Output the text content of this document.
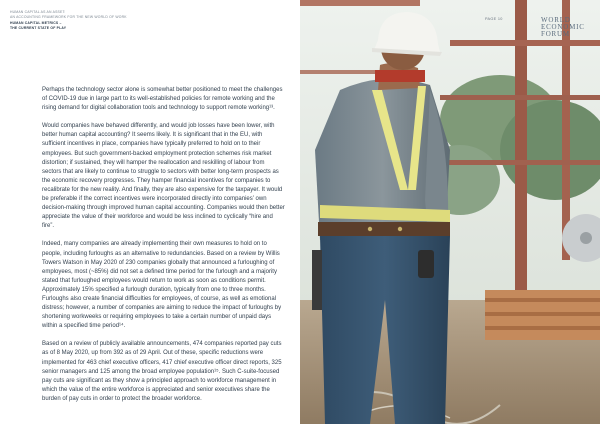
HUMAN CAPITAL AS AN ASSET:
AN ACCOUNTING FRAMEWORK FOR THE NEW WORLD OF WORK
HUMAN CAPITAL METRICS –
THE CURRENT STATE OF PLAY

Perhaps the technology sector alone is somewhat better positioned to meet the challenges of COVID-19 due in large part to its well-established policies for remote working and the rising demand for digital collaboration tools and technology to support remote working¹³.

Would companies have behaved differently, and would job losses have been lower, with better human capital accounting? It seems likely. It is significant that in the EU, with sufficient incentives in place, companies have typically preferred to hold on to their employees. But such government-backed employment protection schemes risk market distortion; if sustained, they will hamper the reallocation and reskilling of labour from sectors that are likely to continue to struggle to sectors with better long-term prospects as the economic recovery progresses. They hamper financial incentives for companies to recalibrate for the new reality. And finally, they are also expensive for the taxpayer. It would be preferable if the correct incentives were incorporated directly into companies’ own decision-making through improved human capital accounting. Companies would then better appreciate the value of their workforce and would be less inclined to cyclically “hire and fire”.

Indeed, many companies are already implementing their own measures to hold on to people, including furloughs as an alternative to redundancies. Based on a review by Willis Towers Watson in May 2020 of 230 companies globally that announced a furloughing of employees, most (~85%) did not set a defined time period for the furlough and a majority stated that furloughed employees would return to work as soon as conditions permit. Approximately 15% specified a furlough duration, typically from one to three months. Furloughs also create financial difficulties for employees, of course, as well as emotional distress; however, a number of companies are aiming to reduce the impact of furloughs by shortening workweeks or requiring employees to take a certain number of unpaid days within a specified time period¹⁴.

Based on a review of publicly available announcements, 474 companies reported pay cuts as of 8 May 2020, up from 392 as of 29 April. Out of these, specific reductions were implemented for 463 chief executive officers, 417 chief executive officer direct reports, 325 senior managers and 125 among the broad employee population¹⁵. Such C-suite-focused pay cuts are significant as they show a principled approach to workforce management in which the value of the entire workforce is appreciated and senior executives share the burden of pay cuts in order to protect the broader workforce.

PAGE 10	WORLD
ECONOMIC
FORUM
